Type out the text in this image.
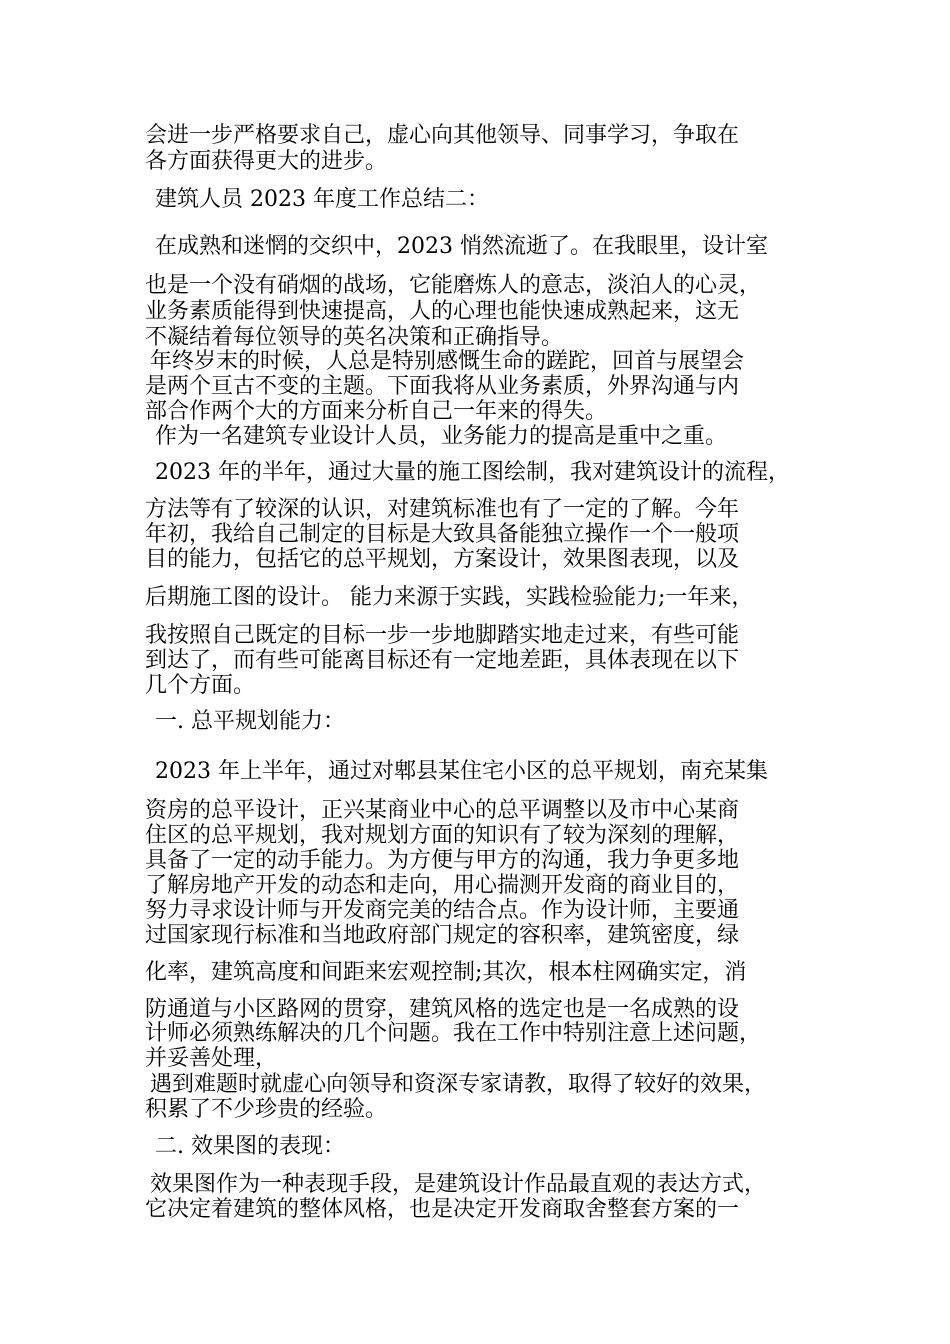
会进一步严格要求自己，虚心向其他领导、同事学习，争取在
各方面获得更大的进步。
建筑人员 2023 年度工作总结二：
在成熟和迷惘的交织中，2023 悄然流逝了。在我眼里，设计室
也是一个没有硝烟的战场，它能磨炼人的意志，淡泊人的心灵，
业务素质能得到快速提高，人的心理也能快速成熟起来，这无
不凝结着每位领导的英名决策和正确指导。
年终岁末的时候，人总是特别感慨生命的蹉跎，回首与展望会
是两个亘古不变的主题。下面我将从业务素质，外界沟通与内
部合作两个大的方面来分析自己一年来的得失。
作为一名建筑专业设计人员，业务能力的提高是重中之重。
2023 年的半年，通过大量的施工图绘制，我对建筑设计的流程，
方法等有了较深的认识，对建筑标准也有了一定的了解。今年
年初，我给自己制定的目标是大致具备能独立操作一个一般项
目的能力，包括它的总平规划，方案设计，效果图表现，以及
后期施工图的设计。 能力来源于实践，实践检验能力;一年来，
我按照自己既定的目标一步一步地脚踏实地走过来，有些可能
到达了，而有些可能离目标还有一定地差距，具体表现在以下
几个方面。
一. 总平规划能力：
2023 年上半年，通过对郫县某住宅小区的总平规划，南充某集
资房的总平设计，正兴某商业中心的总平调整以及市中心某商
住区的总平规划，我对规划方面的知识有了较为深刻的理解，
具备了一定的动手能力。为方便与甲方的沟通，我力争更多地
了解房地产开发的动态和走向，用心揣测开发商的商业目的，
努力寻求设计师与开发商完美的结合点。作为设计师，主要通
过国家现行标准和当地政府部门规定的容积率，建筑密度，绿
化率，建筑高度和间距来宏观控制;其次，根本柱网确实定，消
防通道与小区路网的贯穿，建筑风格的选定也是一名成熟的设
计师必须熟练解决的几个问题。我在工作中特别注意上述问题，
并妥善处理，
遇到难题时就虚心向领导和资深专家请教，取得了较好的效果，
积累了不少珍贵的经验。
二. 效果图的表现：
效果图作为一种表现手段，是建筑设计作品最直观的表达方式，
它决定着建筑的整体风格，也是决定开发商取舍整套方案的一
